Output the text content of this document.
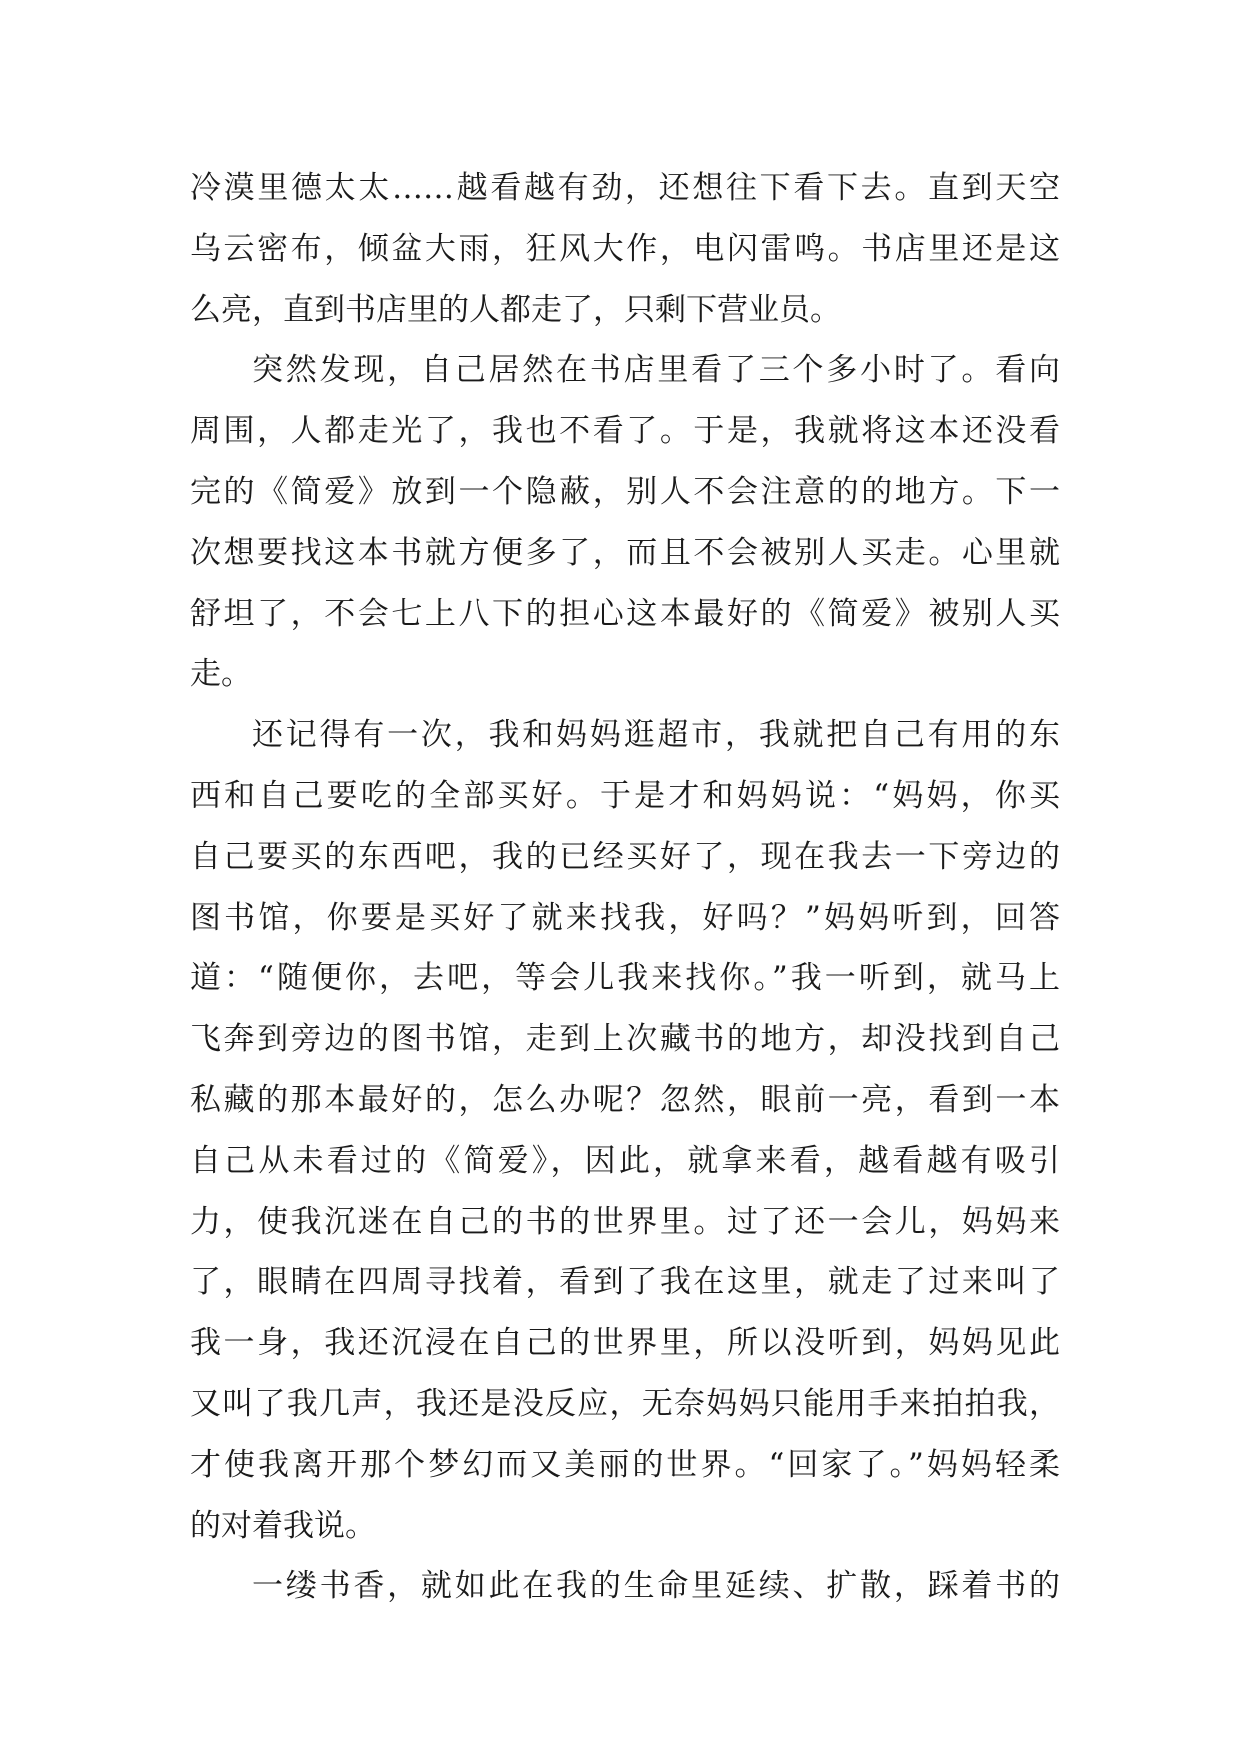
冷漠里德太太……越看越有劲，还想往下看下去。直到天空
乌云密布，倾盆大雨，狂风大作，电闪雷鸣。书店里还是这
么亮，直到书店里的人都走了，只剩下营业员。
突然发现，自己居然在书店里看了三个多小时了。看向
周围，人都走光了，我也不看了。于是，我就将这本还没看
完的《简爱》放到一个隐蔽，别人不会注意的的地方。下一
次想要找这本书就方便多了，而且不会被别人买走。心里就
舒坦了，不会七上八下的担心这本最好的《简爱》被别人买
走。
还记得有一次，我和妈妈逛超市，我就把自己有用的东
西和自己要吃的全部买好。于是才和妈妈说：“妈妈，你买
自己要买的东西吧，我的已经买好了，现在我去一下旁边的
图书馆，你要是买好了就来找我，好吗？”妈妈听到，回答
道：“随便你，去吧，等会儿我来找你。”我一听到，就马上
飞奔到旁边的图书馆，走到上次藏书的地方，却没找到自己
私藏的那本最好的，怎么办呢？忽然，眼前一亮，看到一本
自己从未看过的《简爱》，因此，就拿来看，越看越有吸引
力，使我沉迷在自己的书的世界里。过了还一会儿，妈妈来
了，眼睛在四周寻找着，看到了我在这里，就走了过来叫了
我一身，我还沉浸在自己的世界里，所以没听到，妈妈见此
又叫了我几声，我还是没反应，无奈妈妈只能用手来拍拍我，
才使我离开那个梦幻而又美丽的世界。“回家了。”妈妈轻柔
的对着我说。
一缕书香，就如此在我的生命里延续、扩散，踩着书的
